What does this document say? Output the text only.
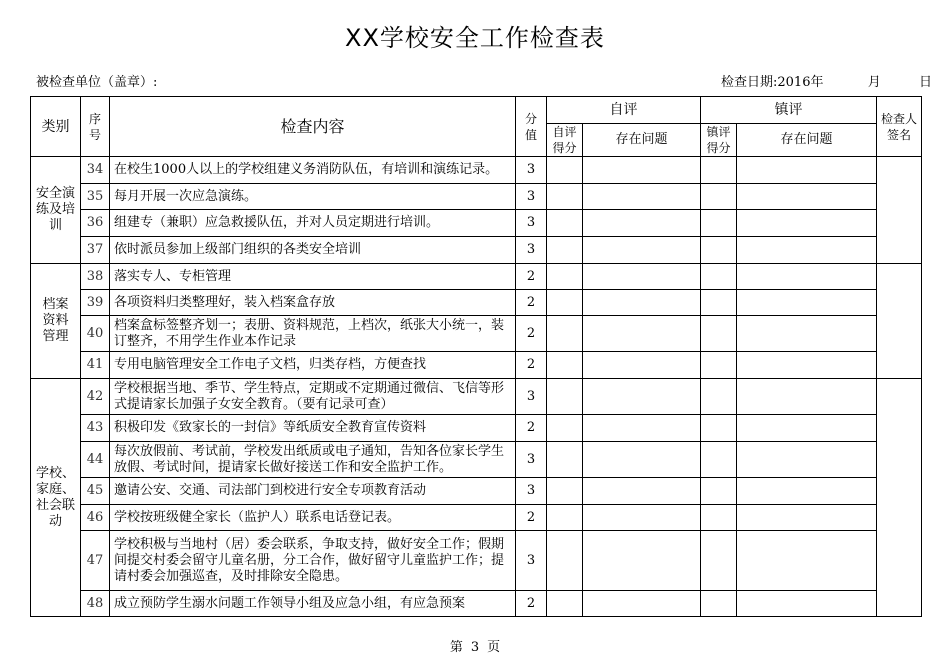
XX学校安全工作检查表
被检查单位（盖章）:	检查日期:2016年	月	日
类别	序号	检查内容	分值	自评		镇评		检查人签名
				自评得分	存在问题	镇评得分	存在问题	
安全演练及培训	34	在校生1000人以上的学校组建义务消防队伍，有培训和演练记录。	3					
	35	每月开展一次应急演练。	3					
	36	组建专（兼职）应急救援队伍，并对人员定期进行培训。	3					
	37	依时派员参加上级部门组织的各类安全培训	3					
档案资料管理	38	落实专人、专柜管理	2					
	39	各项资料归类整理好，装入档案盒存放	2					
	40	档案盒标签整齐划一；表册、资料规范，上档次，纸张大小统一，装订整齐，不用学生作业本作记录	2					
	41	专用电脑管理安全工作电子文档，归类存档，方便查找	2					
学校、家庭、社会联动	42	学校根据当地、季节、学生特点，定期或不定期通过微信、飞信等形式提请家长加强子女安全教育。（要有记录可查）	3					
	43	积极印发《致家长的一封信》等纸质安全教育宣传资料	2					
	44	每次放假前、考试前，学校发出纸质或电子通知，告知各位家长学生放假、考试时间，提请家长做好接送工作和安全监护工作。	3					
	45	邀请公安、交通、司法部门到校进行安全专项教育活动	3					
	46	学校按班级健全家长（监护人）联系电话登记表。	2					
	47	学校积极与当地村（居）委会联系，争取支持，做好安全工作；假期间提交村委会留守儿童名册，分工合作，做好留守儿童监护工作；提请村委会加强巡查，及时排除安全隐患。	3					
	48	成立预防学生溺水问题工作领导小组及应急小组，有应急预案	2					
第 3 页
